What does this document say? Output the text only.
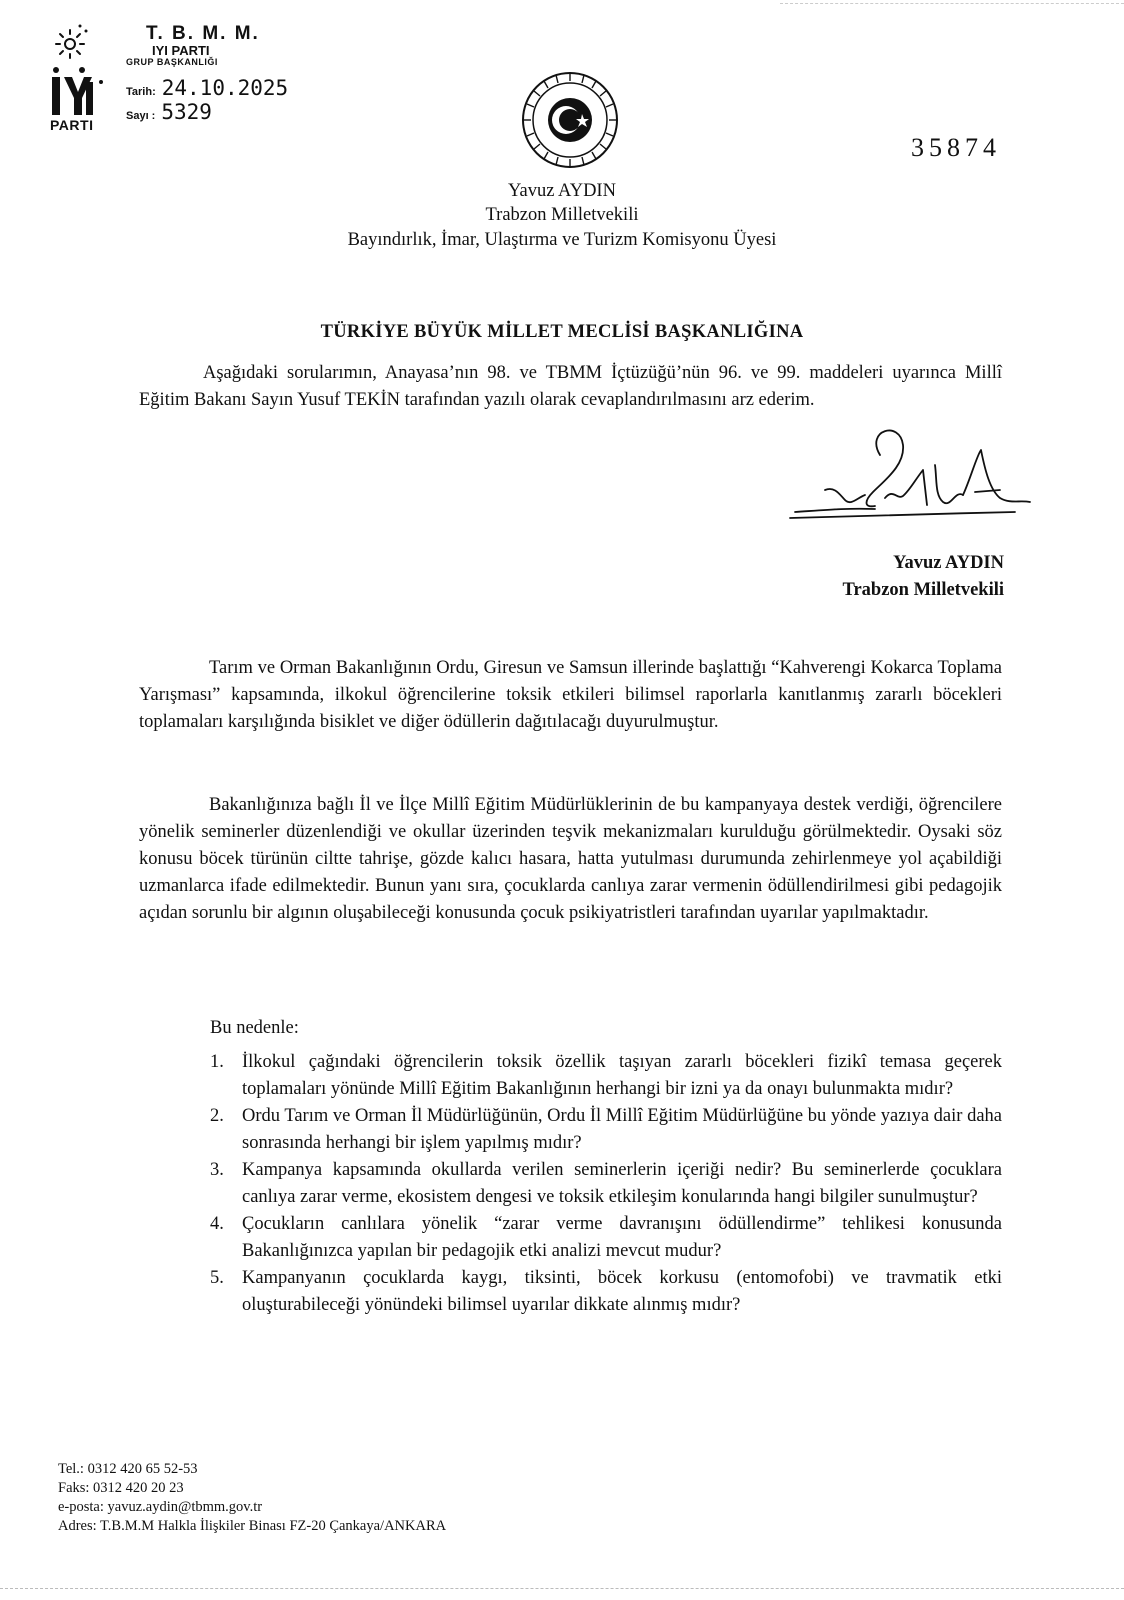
PARTI
T. B. M. M.
IYI PARTI
GRUP BAŞKANLIĞI
Tarih: 24.10.2025
Sayı : 5329
35874
Yavuz AYDIN
Trabzon Milletvekili
Bayındırlık, İmar, Ulaştırma ve Turizm Komisyonu Üyesi
TÜRKİYE BÜYÜK MİLLET MECLİSİ BAŞKANLIĞINA
Aşağıdaki sorularımın, Anayasa’nın 98. ve TBMM İçtüzüğü’nün 96. ve 99. maddeleri uyarınca Millî Eğitim Bakanı Sayın Yusuf TEKİN tarafından yazılı olarak cevaplandırılmasını arz ederim.
Yavuz AYDIN
Trabzon Milletvekili
Tarım ve Orman Bakanlığının Ordu, Giresun ve Samsun illerinde başlattığı “Kahverengi Kokarca Toplama Yarışması” kapsamında, ilkokul öğrencilerine toksik etkileri bilimsel raporlarla kanıtlanmış zararlı böcekleri toplamaları karşılığında bisiklet ve diğer ödüllerin dağıtılacağı duyurulmuştur.
Bakanlığınıza bağlı İl ve İlçe Millî Eğitim Müdürlüklerinin de bu kampanyaya destek verdiği, öğrencilere yönelik seminerler düzenlendiği ve okullar üzerinden teşvik mekanizmaları kurulduğu görülmektedir. Oysaki söz konusu böcek türünün ciltte tahrişe, gözde kalıcı hasara, hatta yutulması durumunda zehirlenmeye yol açabildiği uzmanlarca ifade edilmektedir. Bunun yanı sıra, çocuklarda canlıya zarar vermenin ödüllendirilmesi gibi pedagojik açıdan sorunlu bir algının oluşabileceği konusunda çocuk psikiyatristleri tarafından uyarılar yapılmaktadır.
Bu nedenle:
1. İlkokul çağındaki öğrencilerin toksik özellik taşıyan zararlı böcekleri fizikî temasa geçerek toplamaları yönünde Millî Eğitim Bakanlığının herhangi bir izni ya da onayı bulunmakta mıdır?
2. Ordu Tarım ve Orman İl Müdürlüğünün, Ordu İl Millî Eğitim Müdürlüğüne bu yönde yazıya dair daha sonrasında herhangi bir işlem yapılmış mıdır?
3. Kampanya kapsamında okullarda verilen seminerlerin içeriği nedir? Bu seminerlerde çocuklara canlıya zarar verme, ekosistem dengesi ve toksik etkileşim konularında hangi bilgiler sunulmuştur?
4. Çocukların canlılara yönelik “zarar verme davranışını ödüllendirme” tehlikesi konusunda Bakanlığınızca yapılan bir pedagojik etki analizi mevcut mudur?
5. Kampanyanın çocuklarda kaygı, tiksinti, böcek korkusu (entomofobi) ve travmatik etki oluşturabileceği yönündeki bilimsel uyarılar dikkate alınmış mıdır?
Tel.: 0312 420 65 52-53
Faks: 0312 420 20 23
e-posta: yavuz.aydin@tbmm.gov.tr
Adres: T.B.M.M Halkla İlişkiler Binası FZ-20 Çankaya/ANKARA
